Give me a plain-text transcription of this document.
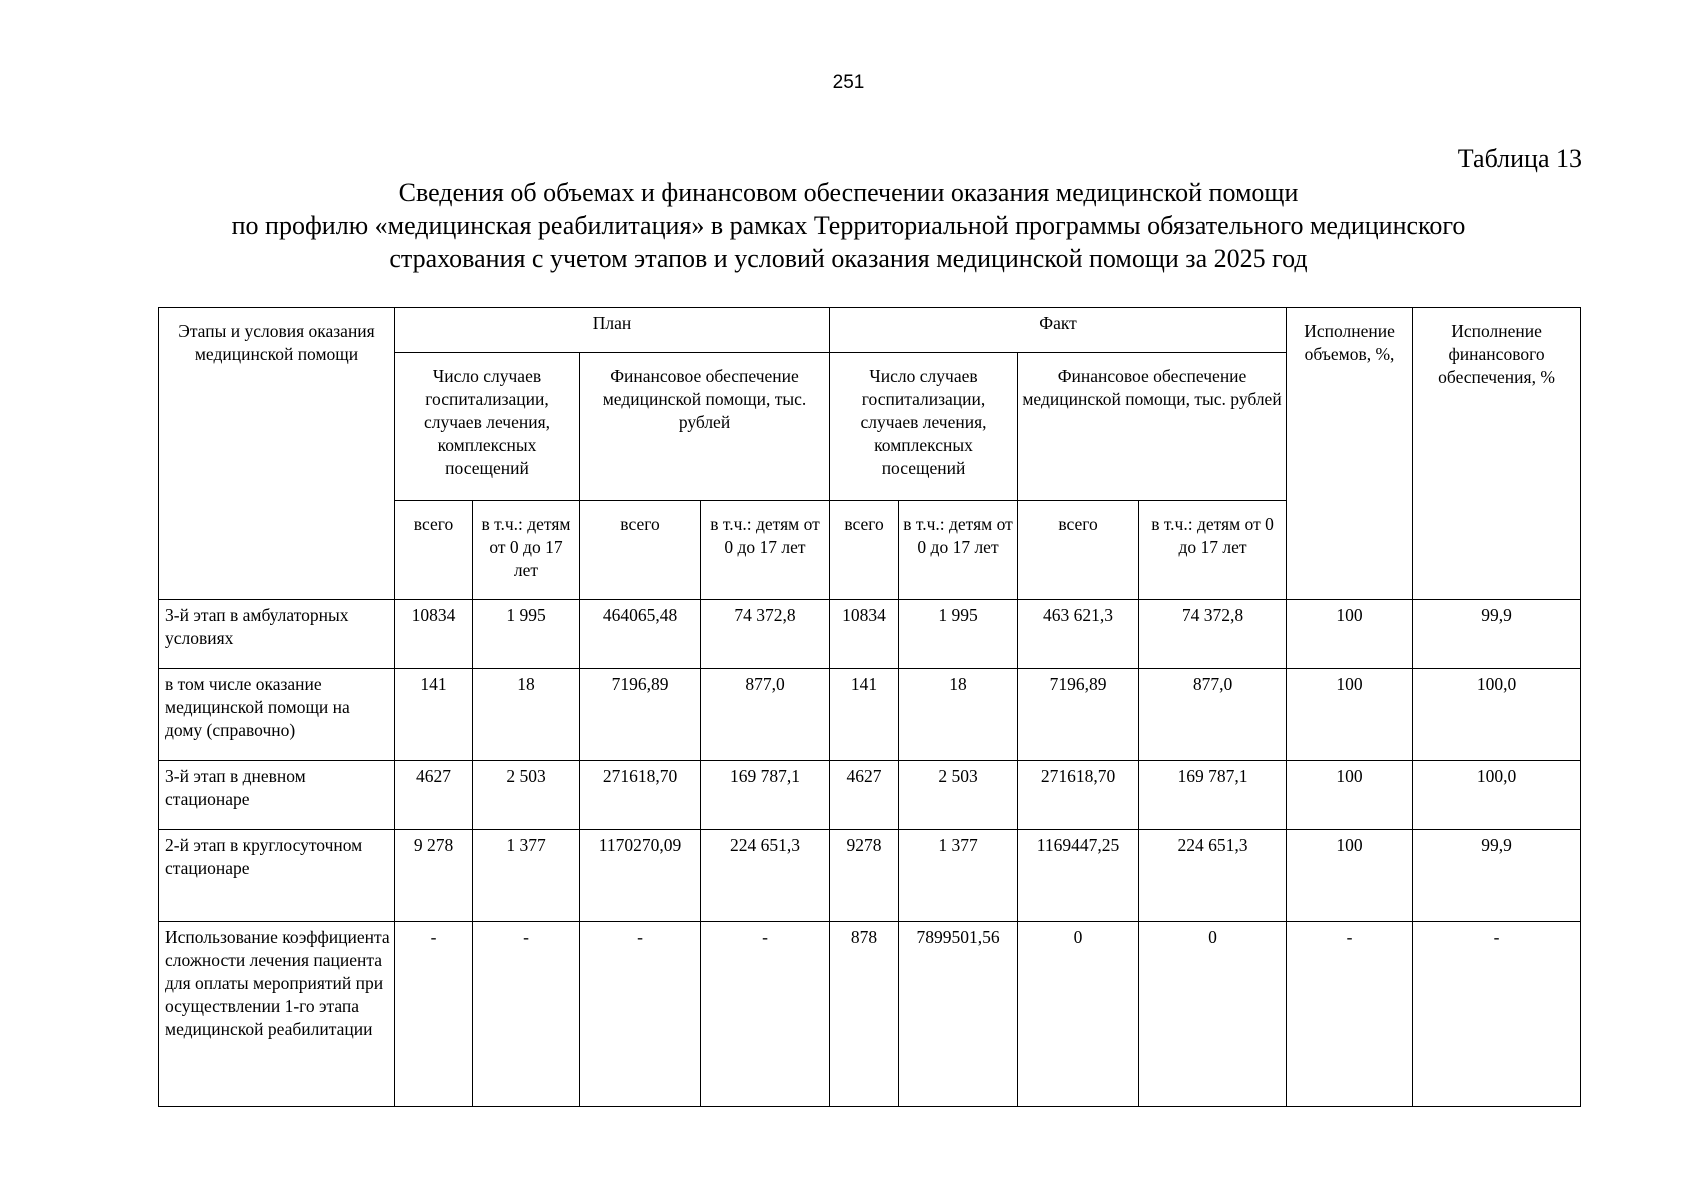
251
Таблица 13
Сведения об объемах и финансовом обеспечении оказания медицинской помощи
по профилю «медицинская реабилитация» в рамках Территориальной программы обязательного медицинского
страхования с учетом этапов и условий оказания медицинской помощи за 2025 год
Этапы и условия оказания медицинской помощи	План				Факт				Исполнение объемов, %,	Исполнение финансового обеспечения, %
	Число случаев госпитализации, случаев лечения, комплексных посещений		Финансовое обеспечение медицинской помощи, тыс. рублей		Число случаев госпитализации, случаев лечения, комплексных посещений		Финансовое обеспечение медицинской помощи, тыс. рублей			
	всего	в т.ч.: детям от 0 до 17 лет	всего	в т.ч.: детям от 0 до 17 лет	всего	в т.ч.: детям от 0 до 17 лет	всего	в т.ч.: детям от 0 до 17 лет		
3-й этап в амбулаторных условиях	10834	1 995	464065,48	74 372,8	10834	1 995	463 621,3	74 372,8	100	99,9
в том числе оказание медицинской помощи на дому (справочно)	141	18	7196,89	877,0	141	18	7196,89	877,0	100	100,0
3-й этап в дневном стационаре	4627	2 503	271618,70	169 787,1	4627	2 503	271618,70	169 787,1	100	100,0
2-й этап в круглосуточном стационаре	9 278	1 377	1170270,09	224 651,3	9278	1 377	1169447,25	224 651,3	100	99,9
Использование коэффициента сложности лечения пациента для оплаты мероприятий при осуществлении 1-го этапа медицинской реабилитации	-	-	-	-	878	7899501,56	0	0	-	-
